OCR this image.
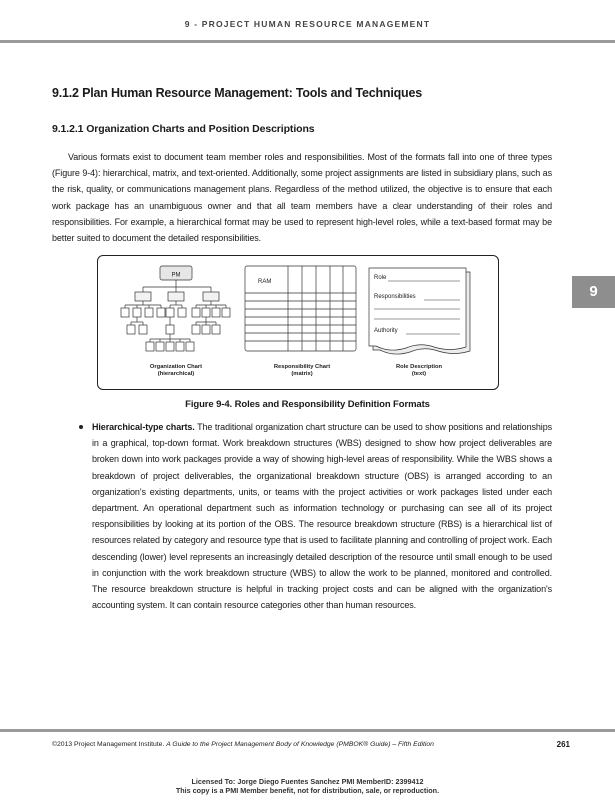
9 - PROJECT HUMAN RESOURCE MANAGEMENT
9.1.2 Plan Human Resource Management: Tools and Techniques
9.1.2.1 Organization Charts and Position Descriptions

Various formats exist to document team member roles and responsibilities. Most of the formats fall into one of three types (Figure 9-4): hierarchical, matrix, and text-oriented. Additionally, some project assignments are listed in subsidiary plans, such as the risk, quality, or communications management plans. Regardless of the method utilized, the objective is to ensure that each work package has an unambiguous owner and that all team members have a clear understanding of their roles and responsibilities. For example, a hierarchical format may be used to represent high-level roles, while a text-based format may be better suited to document the detailed responsibilities.

PM
Organization Chart
(hierarchical)
RAM
Responsibility Chart
(matrix)
Role
Responsibilities
Authority
Role Description
(text)

Figure 9-4. Roles and Responsibility Definition Formats

Hierarchical-type charts. The traditional organization chart structure can be used to show positions and relationships in a graphical, top-down format. Work breakdown structures (WBS) designed to show how project deliverables are broken down into work packages provide a way of showing high-level areas of responsibility. While the WBS shows a breakdown of project deliverables, the organizational breakdown structure (OBS) is arranged according to an organization's existing departments, units, or teams with the project activities or work packages listed under each department. An operational department such as information technology or purchasing can see all of its project responsibilities by looking at its portion of the OBS. The resource breakdown structure (RBS) is a hierarchical list of resources related by category and resource type that is used to facilitate planning and controlling of project work. Each descending (lower) level represents an increasingly detailed description of the resource until small enough to be used in conjunction with the work breakdown structure (WBS) to allow the work to be planned, monitored and controlled. The resource breakdown structure is helpful in tracking project costs and can be aligned with the organization's accounting system. It can contain resource categories other than human resources.
9
©2013 Project Management Institute. A Guide to the Project Management Body of Knowledge (PMBOK® Guide) – Fifth Edition	261
Licensed To: Jorge Diego Fuentes Sanchez PMI MemberID: 2399412
This copy is a PMI Member benefit, not for distribution, sale, or reproduction.
